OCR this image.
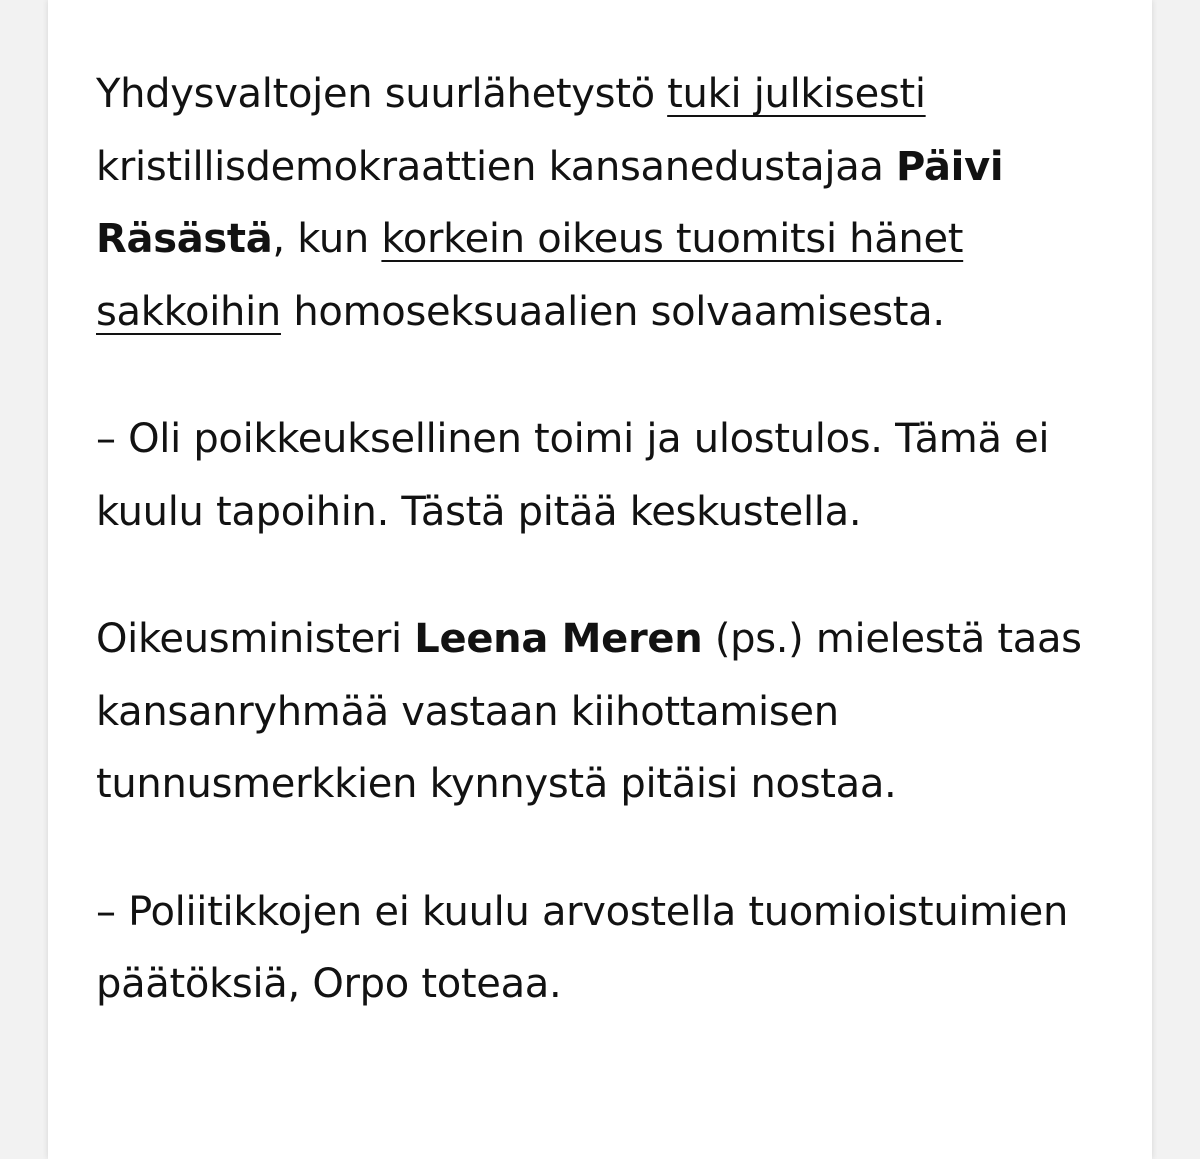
Yhdysvaltojen suurlähetystö tuki julkisesti kristillisdemokraattien kansanedustajaa Päivi Räsästä, kun korkein oikeus tuomitsi hänet sakkoihin homoseksuaalien solvaamisesta.

– Oli poikkeuksellinen toimi ja ulostulos. Tämä ei kuulu tapoihin. Tästä pitää keskustella.

Oikeusministeri Leena Meren (ps.) mielestä taas kansanryhmää vastaan kiihottamisen tunnusmerkkien kynnystä pitäisi nostaa.

– Poliitikkojen ei kuulu arvostella tuomioistuimien päätöksiä, Orpo toteaa.
